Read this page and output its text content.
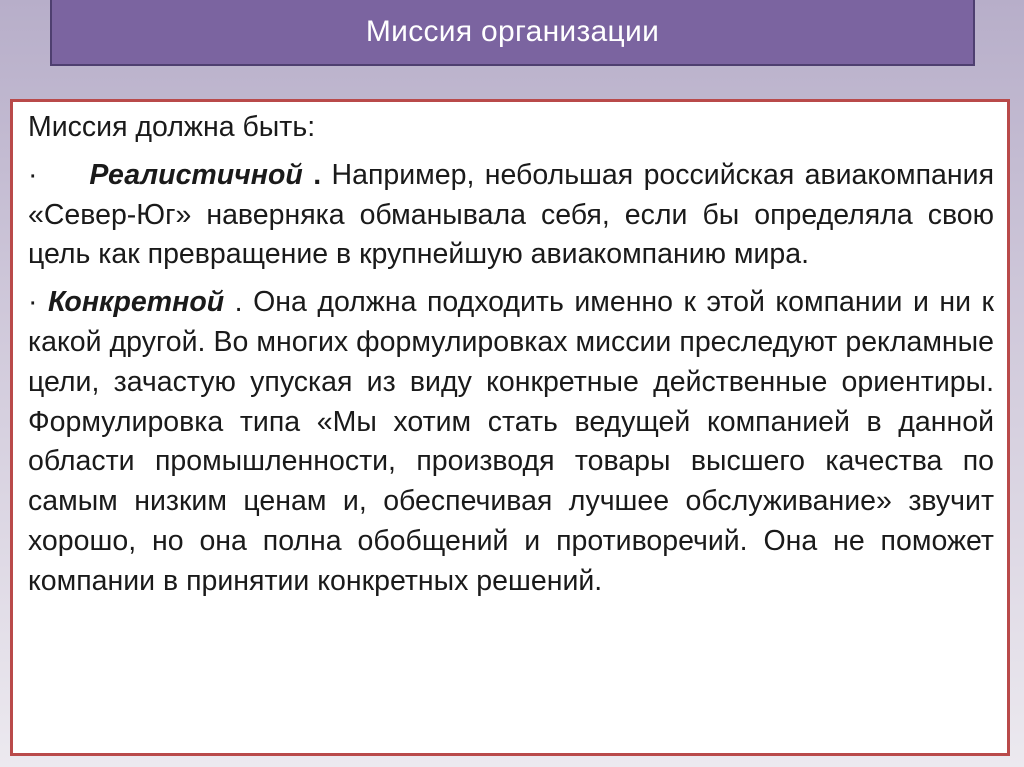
Миссия организации

Миссия должна быть:

· Реалистичной . Например, небольшая российская авиакомпания «Север-Юг» наверняка обманывала себя, если бы определяла свою цель как превращение в крупнейшую авиакомпанию мира.

· Конкретной . Она должна подходить именно к этой компании и ни к какой другой. Во многих формулировках миссии преследуют рекламные цели, зачастую упуская из виду конкретные действенные ориентиры. Формулировка типа «Мы хотим стать ведущей компанией в данной области промышленности, производя товары высшего качества по самым низким ценам и, обеспечивая лучшее обслуживание» звучит хорошо, но она полна обобщений и противоречий. Она не поможет компании в принятии конкретных решений.
